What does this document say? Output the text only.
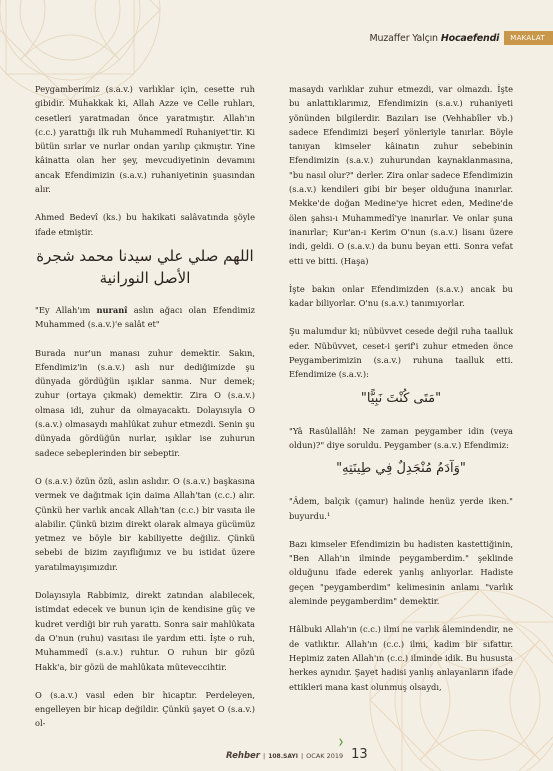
Muzaffer Yalçın Hocaefendi	MAKALAT

Peygamberimiz (s.a.v.) varlıklar için, cesette ruh gibidir. Muhakkak ki, Allah Azze ve Celle ruhları, cesetleri yaratmadan önce yaratmıştır. Allah'ın (c.c.) yarattığı ilk ruh Muhammedî Ruhaniyet'tir. Ki bütün sırlar ve nurlar ondan yarılıp çıkmıştır. Yine kâinatta olan her şey, mevcudiyetinin devamını ancak Efendimizin (s.a.v.) ruhaniyetinin şuasından alır.

Ahmed Bedevî (ks.) bu hakikati salâvatında şöyle ifade etmiştir.

اللهم صلي علي سيدنا محمد شجرة الأصل النورانية

"Ey Allah'ım nuranî aslın ağacı olan Efendimiz Muhammed (s.a.v.)'e salât et"

Burada nur'un manası zuhur demektir. Sakın, Efendimiz'in (s.a.v.) aslı nur dediğimizde şu dünyada gördüğün ışıklar sanma. Nur demek; zuhur (ortaya çıkmak) demektir. Zira O (s.a.v.) olmasa idi, zuhur da olmayacaktı. Dolayısıyla O (s.a.v.) olmasaydı mahlûkat zuhur etmezdi. Senin şu dünyada gördüğün nurlar, ışıklar ise zuhurun sadece sebeplerinden bir sebeptir.

O (s.a.v.) özün özü, aslın aslıdır. O (s.a.v.) başkasına vermek ve dağıtmak için daima Allah'tan (c.c.) alır. Çünkü her varlık ancak Allah'tan (c.c.) bir vasıta ile alabilir. Çünkü bizim direkt olarak almaya gücümüz yetmez ve böyle bir kabiliyette değiliz. Çünkü sebebi de bizim zayıflığımız ve bu istidat üzere yaratılmayışımızdır.

Dolayısıyla Rabbimiz, direkt zatından alabilecek, istimdat edecek ve bunun için de kendisine güç ve kudret verdiği bir ruh yarattı. Sonra sair mahlûkata da O'nun (ruhu) vasıtası ile yardım etti. İşte o ruh, Muhammedî (s.a.v.) ruhtur. O ruhun bir gözü Hakk'a, bir gözü de mahlûkata müteveccihtir.

O (s.a.v.) vasıl eden bir hicaptır. Perdeleyen, engelleyen bir hicap değildir. Çünkü şayet O (s.a.v.) ol-

masaydı varlıklar zuhur etmezdi, var olmazdı. İşte bu anlattıklarımız, Efendimizin (s.a.v.) ruhaniyeti yönünden bilgilerdir. Bazıları ise (Vehhabîler vb.) sadece Efendimizi beşerî yönleriyle tanırlar. Böyle tanıyan kimseler kâinatın zuhur sebebinin Efendimizin (s.a.v.) zuhurundan kaynaklanmasına, "bu nasıl olur?" derler. Zira onlar sadece Efendimizin (s.a.v.) kendileri gibi bir beşer olduğuna inanırlar. Mekke'de doğan Medine'ye hicret eden, Medine'de ölen şahsı-ı Muhammedî'ye inanırlar. Ve onlar şuna inanırlar; Kur'an-ı Kerim O'nun (s.a.v.) lisanı üzere indi, geldi. O (s.a.v.) da bunu beyan etti. Sonra vefat etti ve bitti. (Haşa)

İşte bakın onlar Efendimizden (s.a.v.) ancak bu kadar biliyorlar. O'nu (s.a.v.) tanımıyorlar.

Şu malumdur ki; nübüvvet cesede değil ruha taalluk eder. Nübüvvet, ceset-i şerif'i zuhur etmeden önce Peygamberimizin (s.a.v.) ruhuna taalluk etti. Efendimize (s.a.v.):

"مَتَى كُنْتَ نَبِيًّا"

"Yâ Rasûlallâh! Ne zaman peygamber idin (veya oldun)?" diye soruldu. Peygamber (s.a.v.) Efendimiz:

"وَآدَمُ مُنْجَدِلٌ فِي طِينَتِهِ"

"Âdem, balçık (çamur) halinde henüz yerde iken." buyurdu.¹

Bazı kimseler Efendimizin bu hadisten kastettiğinin, "Ben Allah'ın ilminde peygamberdim." şeklinde olduğunu ifade ederek yanlış anlıyorlar. Hadiste geçen "peygamberdim" kelimesinin anlamı "varlık aleminde peygamberdim" demektir.

Hâlbuki Allah'ın (c.c.) ilmi ne varlık âlemindendir, ne de vatlıktır. Allah'ın (c.c.) ilmi, kadim bir sıfattır. Hepimiz zaten Allah'ın (c.c.) ilminde idik. Bu hususta herkes aynıdır. Şayet hadisi yanlış anlayanların ifade ettikleri mana kast olunmuş olsaydı,

❯
Rehber | 108.SAYI | OCAK 2019 13
